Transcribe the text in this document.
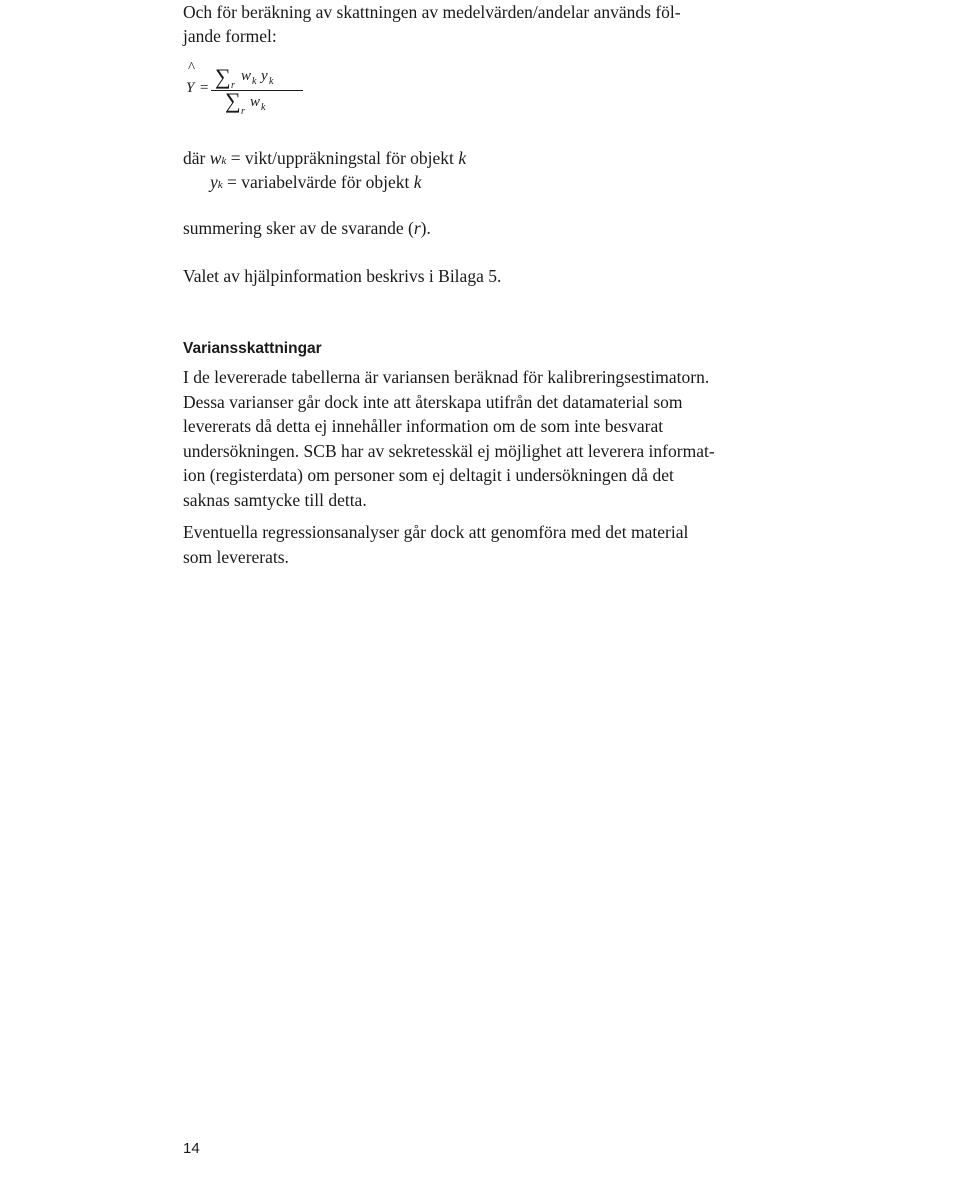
Och för beräkning av skattningen av medelvärden/andelar används föl-
jande formel:
^
Y = ∑ r
w k y k
∑ r
w k
där wk = vikt/uppräkningstal för objekt k
yk = variabelvärde för objekt k
summering sker av de svarande (r).
Valet av hjälpinformation beskrivs i Bilaga 5.
Variansskattningar
I de levererade tabellerna är variansen beräknad för kalibreringsestimatorn.
Dessa varianser går dock inte att återskapa utifrån det datamaterial som
levererats då detta ej innehåller information om de som inte besvarat
undersökningen. SCB har av sekretesskäl ej möjlighet att leverera informat-
ion (registerdata) om personer som ej deltagit i undersökningen då det
saknas samtycke till detta.
Eventuella regressionsanalyser går dock att genomföra med det material
som levererats.
14
